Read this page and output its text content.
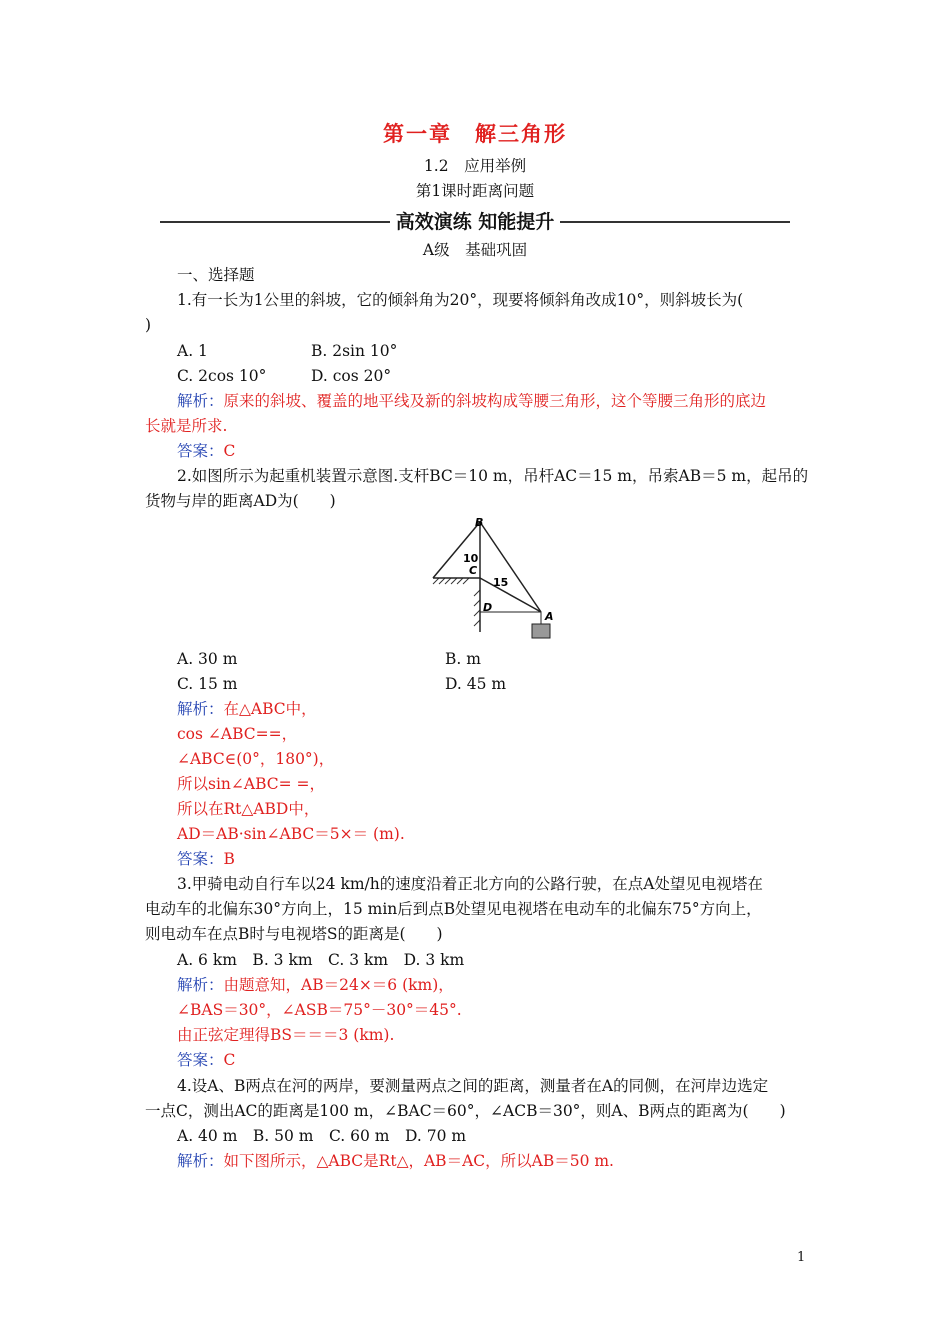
第一章　解三角形
1.2　应用举例
第1课时距离问题
高效演练 知能提升
A级　基础巩固
一、选择题
1.有一长为1公里的斜坡，它的倾斜角为20°，现要将倾斜角改成10°，则斜坡长为(
)
A. 1	B. 2sin 10°
C. 2cos 10°	D. cos 20°
解析：原来的斜坡、覆盖的地平线及新的斜坡构成等腰三角形，这个等腰三角形的底边
长就是所求.
答案：C
2.如图所示为起重机装置示意图.支杆BC＝10 m，吊杆AC＝15 m，吊索AB＝5 m，起吊的
货物与岸的距离AD为(　　)
B
C
D
A
10
15
A. 30 m	B. m
C. 15 m	D. 45 m
解析：在△ABC中，
cos ∠ABC==，
∠ABC∈(0°，180°)，
所以sin∠ABC= =，
所以在Rt△ABD中，
AD＝AB·sin∠ABC＝5×＝ (m).
答案：B
3.甲骑电动自行车以24 km/h的速度沿着正北方向的公路行驶，在点A处望见电视塔在
电动车的北偏东30°方向上，15 min后到点B处望见电视塔在电动车的北偏东75°方向上，
则电动车在点B时与电视塔S的距离是(　　)
A. 6 km　B. 3 km　C. 3 km　D. 3 km
解析：由题意知，AB＝24×＝6 (km)，
∠BAS＝30°，∠ASB＝75°－30°＝45°.
由正弦定理得BS＝＝＝3 (km).
答案：C
4.设A、B两点在河的两岸，要测量两点之间的距离，测量者在A的同侧，在河岸边选定
一点C，测出AC的距离是100 m，∠BAC＝60°，∠ACB＝30°，则A、B两点的距离为(　　)
A. 40 m　B. 50 m　C. 60 m　D. 70 m
解析：如下图所示，△ABC是Rt△，AB＝AC，所以AB＝50 m.
1
